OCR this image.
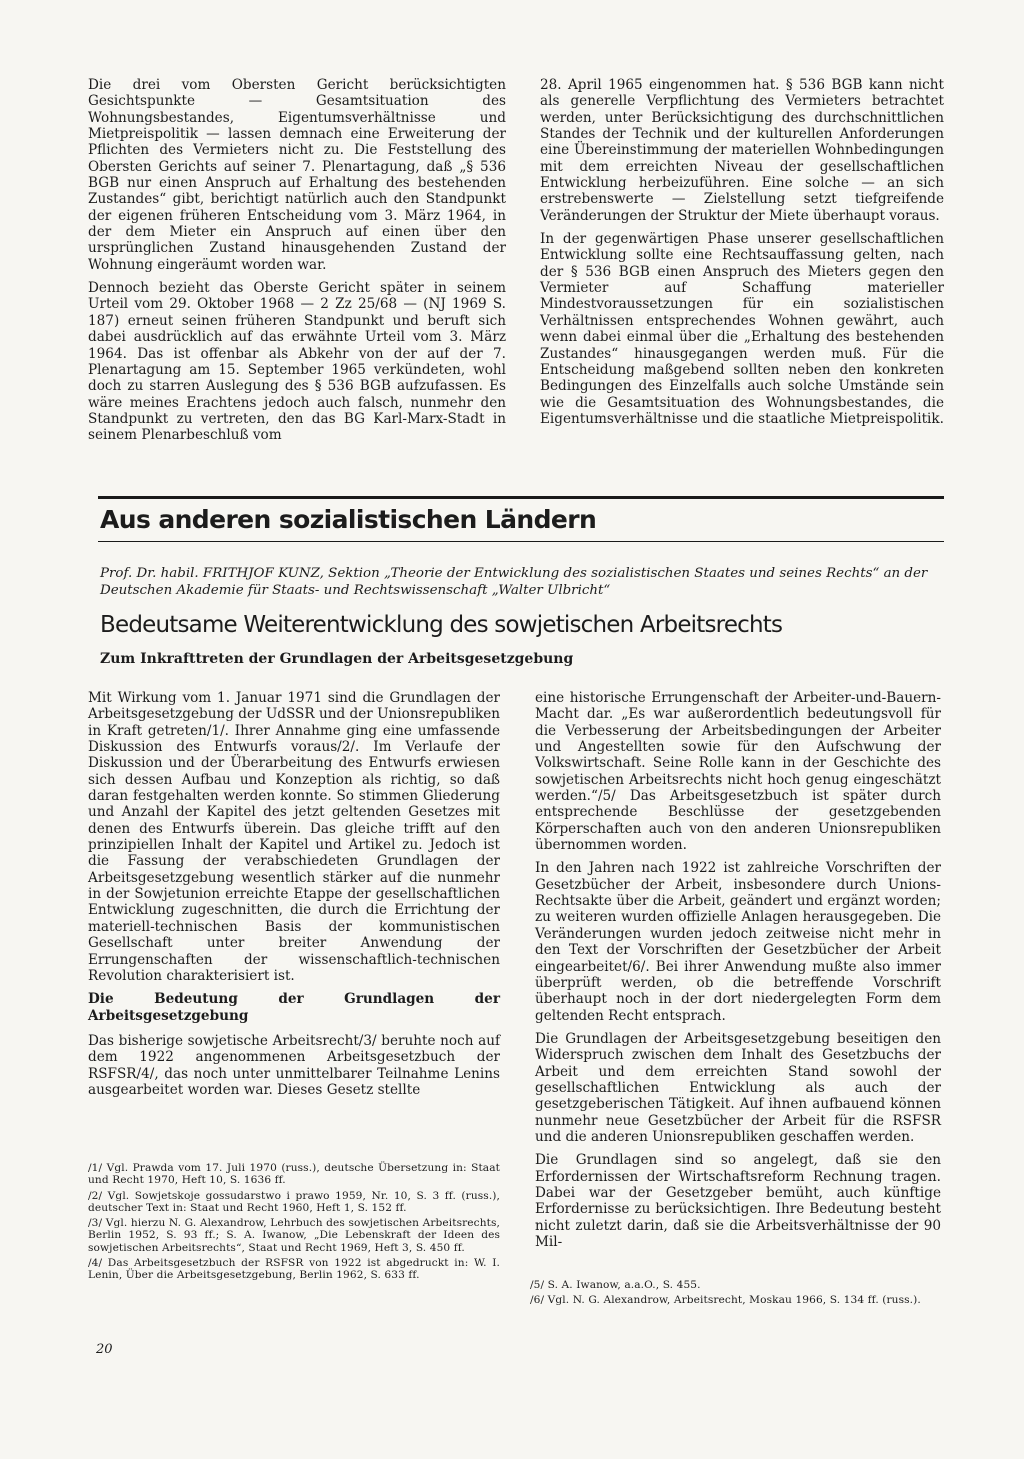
Die drei vom Obersten Gericht berücksichtigten Gesichtspunkte — Gesamtsituation des Wohnungsbestandes, Eigentumsverhältnisse und Mietpreispolitik — lassen demnach eine Erweiterung der Pflichten des Vermieters nicht zu. Die Feststellung des Obersten Gerichts auf seiner 7. Plenartagung, daß „§ 536 BGB nur einen Anspruch auf Erhaltung des bestehenden Zustandes“ gibt, berichtigt natürlich auch den Standpunkt der eigenen früheren Entscheidung vom 3. März 1964, in der dem Mieter ein Anspruch auf einen über den ursprünglichen Zustand hinausgehenden Zustand der Wohnung eingeräumt worden war.

Dennoch bezieht das Oberste Gericht später in seinem Urteil vom 29. Oktober 1968 — 2 Zz 25/68 — (NJ 1969 S. 187) erneut seinen früheren Standpunkt und beruft sich dabei ausdrücklich auf das erwähnte Urteil vom 3. März 1964. Das ist offenbar als Abkehr von der auf der 7. Plenartagung am 15. September 1965 verkündeten, wohl doch zu starren Auslegung des § 536 BGB aufzufassen. Es wäre meines Erachtens jedoch auch falsch, nunmehr den Standpunkt zu vertreten, den das BG Karl-Marx-Stadt in seinem Plenarbeschluß vom

28. April 1965 eingenommen hat. § 536 BGB kann nicht als generelle Verpflichtung des Vermieters betrachtet werden, unter Berücksichtigung des durchschnittlichen Standes der Technik und der kulturellen Anforderungen eine Übereinstimmung der materiellen Wohnbedingungen mit dem erreichten Niveau der gesellschaftlichen Entwicklung herbeizuführen. Eine solche — an sich erstrebenswerte — Zielstellung setzt tiefgreifende Veränderungen der Struktur der Miete überhaupt voraus.

In der gegenwärtigen Phase unserer gesellschaftlichen Entwicklung sollte eine Rechtsauffassung gelten, nach der § 536 BGB einen Anspruch des Mieters gegen den Vermieter auf Schaffung materieller Mindestvoraussetzungen für ein sozialistischen Verhältnissen entsprechendes Wohnen gewährt, auch wenn dabei einmal über die „Erhaltung des bestehenden Zustandes“ hinausgegangen werden muß. Für die Entscheidung maßgebend sollten neben den konkreten Bedingungen des Einzelfalls auch solche Umstände sein wie die Gesamtsituation des Wohnungsbestandes, die Eigentumsverhältnisse und die staatliche Mietpreispolitik.

Aus anderen sozialistischen Ländern

Prof. Dr. habil. FRITHJOF KUNZ, Sektion „Theorie der Entwicklung des sozialistischen Staates und seines Rechts“ an der Deutschen Akademie für Staats- und Rechtswissenschaft „Walter Ulbricht“

Bedeutsame Weiterentwicklung des sowjetischen Arbeitsrechts
Zum Inkrafttreten der Grundlagen der Arbeitsgesetzgebung

Mit Wirkung vom 1. Januar 1971 sind die Grundlagen der Arbeitsgesetzgebung der UdSSR und der Unionsrepubliken in Kraft getreten/1/. Ihrer Annahme ging eine umfassende Diskussion des Entwurfs voraus/2/. Im Verlaufe der Diskussion und der Überarbeitung des Entwurfs erwiesen sich dessen Aufbau und Konzeption als richtig, so daß daran festgehalten werden konnte. So stimmen Gliederung und Anzahl der Kapitel des jetzt geltenden Gesetzes mit denen des Entwurfs überein. Das gleiche trifft auf den prinzipiellen Inhalt der Kapitel und Artikel zu. Jedoch ist die Fassung der verabschiedeten Grundlagen der Arbeitsgesetzgebung wesentlich stärker auf die nunmehr in der Sowjetunion erreichte Etappe der gesellschaftlichen Entwicklung zugeschnitten, die durch die Errichtung der materiell-technischen Basis der kommunistischen Gesellschaft unter breiter Anwendung der Errungenschaften der wissenschaftlich-technischen Revolution charakterisiert ist.

Die Bedeutung der Grundlagen der Arbeitsgesetzgebung

Das bisherige sowjetische Arbeitsrecht/3/ beruhte noch auf dem 1922 angenommenen Arbeitsgesetzbuch der RSFSR/4/, das noch unter unmittelbarer Teilnahme Lenins ausgearbeitet worden war. Dieses Gesetz stellte

eine historische Errungenschaft der Arbeiter-und-Bauern-Macht dar. „Es war außerordentlich bedeutungsvoll für die Verbesserung der Arbeitsbedingungen der Arbeiter und Angestellten sowie für den Aufschwung der Volkswirtschaft. Seine Rolle kann in der Geschichte des sowjetischen Arbeitsrechts nicht hoch genug eingeschätzt werden.“/5/ Das Arbeitsgesetzbuch ist später durch entsprechende Beschlüsse der gesetzgebenden Körperschaften auch von den anderen Unionsrepubliken übernommen worden.

In den Jahren nach 1922 ist zahlreiche Vorschriften der Gesetzbücher der Arbeit, insbesondere durch Unions-Rechtsakte über die Arbeit, geändert und ergänzt worden; zu weiteren wurden offizielle Anlagen herausgegeben. Die Veränderungen wurden jedoch zeitweise nicht mehr in den Text der Vorschriften der Gesetzbücher der Arbeit eingearbeitet/6/. Bei ihrer Anwendung mußte also immer überprüft werden, ob die betreffende Vorschrift überhaupt noch in der dort niedergelegten Form dem geltenden Recht entsprach.

Die Grundlagen der Arbeitsgesetzgebung beseitigen den Widerspruch zwischen dem Inhalt des Gesetzbuchs der Arbeit und dem erreichten Stand sowohl der gesellschaftlichen Entwicklung als auch der gesetzgeberischen Tätigkeit. Auf ihnen aufbauend können nunmehr neue Gesetzbücher der Arbeit für die RSFSR und die anderen Unionsrepubliken geschaffen werden.

Die Grundlagen sind so angelegt, daß sie den Erfordernissen der Wirtschaftsreform Rechnung tragen. Dabei war der Gesetzgeber bemüht, auch künftige Erfordernisse zu berücksichtigen. Ihre Bedeutung besteht nicht zuletzt darin, daß sie die Arbeitsverhältnisse der 90 Mil-

/1/ Vgl. Prawda vom 17. Juli 1970 (russ.), deutsche Übersetzung in: Staat und Recht 1970, Heft 10, S. 1636 ff.

/2/ Vgl. Sowjetskoje gossudarstwo i prawo 1959, Nr. 10, S. 3 ff. (russ.), deutscher Text in: Staat und Recht 1960, Heft 1, S. 152 ff.

/3/ Vgl. hierzu N. G. Alexandrow, Lehrbuch des sowjetischen Arbeitsrechts, Berlin 1952, S. 93 ff.; S. A. Iwanow, „Die Lebenskraft der Ideen des sowjetischen Arbeitsrechts“, Staat und Recht 1969, Heft 3, S. 450 ff.

/4/ Das Arbeitsgesetzbuch der RSFSR von 1922 ist abgedruckt in: W. I. Lenin, Über die Arbeitsgesetzgebung, Berlin 1962, S. 633 ff.

/5/ S. A. Iwanow, a.a.O., S. 455.

/6/ Vgl. N. G. Alexandrow, Arbeitsrecht, Moskau 1966, S. 134 ff. (russ.).

20
